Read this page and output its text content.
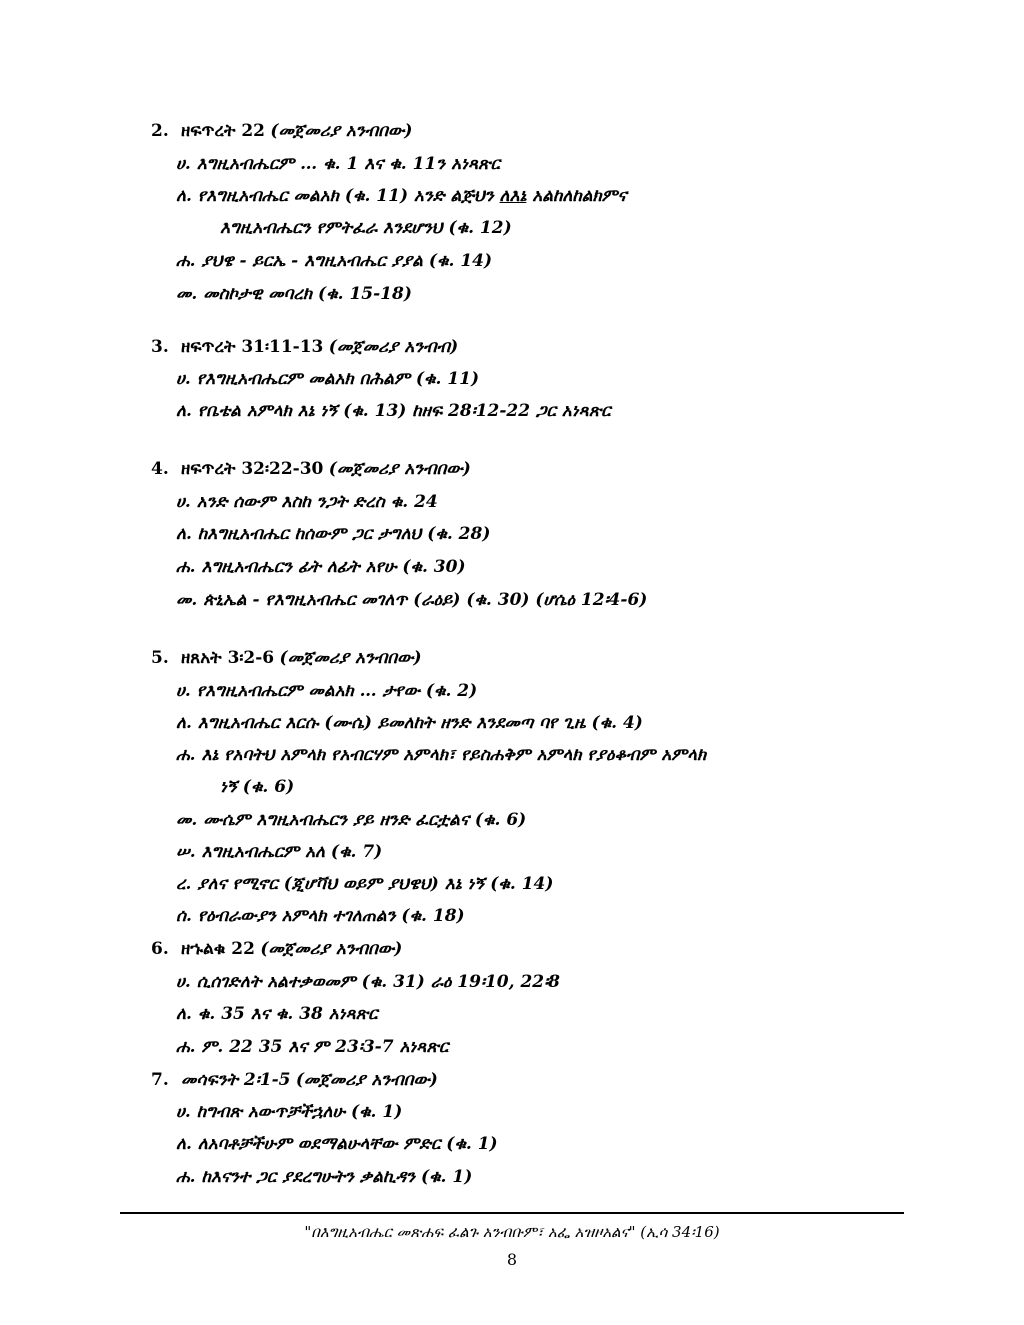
2. ዘፍጥረት 22 (መጀመሪያ አንብበው)
ሀ. እግዚአብሔርም … ቁ. 1 እና ቁ. 11ን አነጻጽር
ለ. የእግዚአብሔር መልአክ (ቁ. 11) አንድ ልጅህን ለእኔ አልከለከልክምና
እግዚአብሔርን የምትፈራ እንደሆንህ (ቁ. 12)
ሐ. ያህዌ - ይርኤ - እግዚአብሔር ያያል (ቁ. 14)
መ. መስኮታዊ መባረክ (ቁ. 15-18)
3. ዘፍጥረት 31፡11-13 (መጀመሪያ አንብብ)
ሀ. የእግዚአብሔርም መልአክ በሕልም (ቁ. 11)
ለ. የቤቴል አምላክ እኔ ነኝ (ቁ. 13) ከዘፍ 28፡12-22 ጋር አነጻጽር
4. ዘፍጥረት 32፡22-30 (መጀመሪያ አንብበው)
ሀ. አንድ ሰውም እስከ ንጋት ድረስ ቁ. 24
ለ. ከእግዚአብሔር ከሰውም ጋር ታግለህ (ቁ. 28)
ሐ. እግዚአብሔርን ፊት ለፊት አየሁ (ቁ. 30)
መ. ጵኒኤል - የእግዚአብሔር መገለጥ (ራዕይ) (ቁ. 30) (ሆሴዕ 12፡4-6)
5. ዘጸአት 3፡2-6 (መጀመሪያ አንብበው)
ሀ. የእግዚአብሔርም መልአክ … ታየው (ቁ. 2)
ለ. እግዚአብሔር እርሱ (ሙሴ) ይመለከት ዘንድ እንደመጣ ባየ ጊዜ (ቁ. 4)
ሐ. እኔ የአባትህ አምላክ የአብርሃም አምላክ፣ የይስሐቅም አምላክ የያዕቆብም አምላክ
ነኝ (ቁ. 6)
መ. ሙሴም እግዚአብሔርን ያይ ዘንድ ፈርቷልና (ቁ. 6)
ሠ. እግዚአብሔርም አለ (ቁ. 7)
ረ. ያለና የሚኖር (ጂሆቫህ ወይም ያህዌህ) እኔ ነኝ (ቁ. 14)
ሰ. የዕብራውያን አምላክ ተገለጠልን (ቁ. 18)
6. ዘኁልቁ 22 (መጀመሪያ አንብበው)
ሀ. ሲሰገድለት አልተቃወመም (ቁ. 31) ራዕ 19፡10, 22፡8
ለ. ቁ. 35 እና ቁ. 38 አነጻጽር
ሐ. ም. 22 35 እና ም 23፡3-7 አነጻጽር
7. መሳፍንት 2፡1-5 (መጀመሪያ አንብበው)
ሀ. ከግብጽ አውጥቻችኋለሁ (ቁ. 1)
ለ. ለአባቶቻችሁም ወደማልሁላቸው ምድር (ቁ. 1)
ሐ. ከእናንተ ጋር ያደረግሁትን ቃልኪዳን (ቁ. 1)
"በእግዚአብሔር መጽሐፍ ፈልጉ አንብቡም፣ አፌ አዝዞአልና" (ኢሳ 34፡16)
8
